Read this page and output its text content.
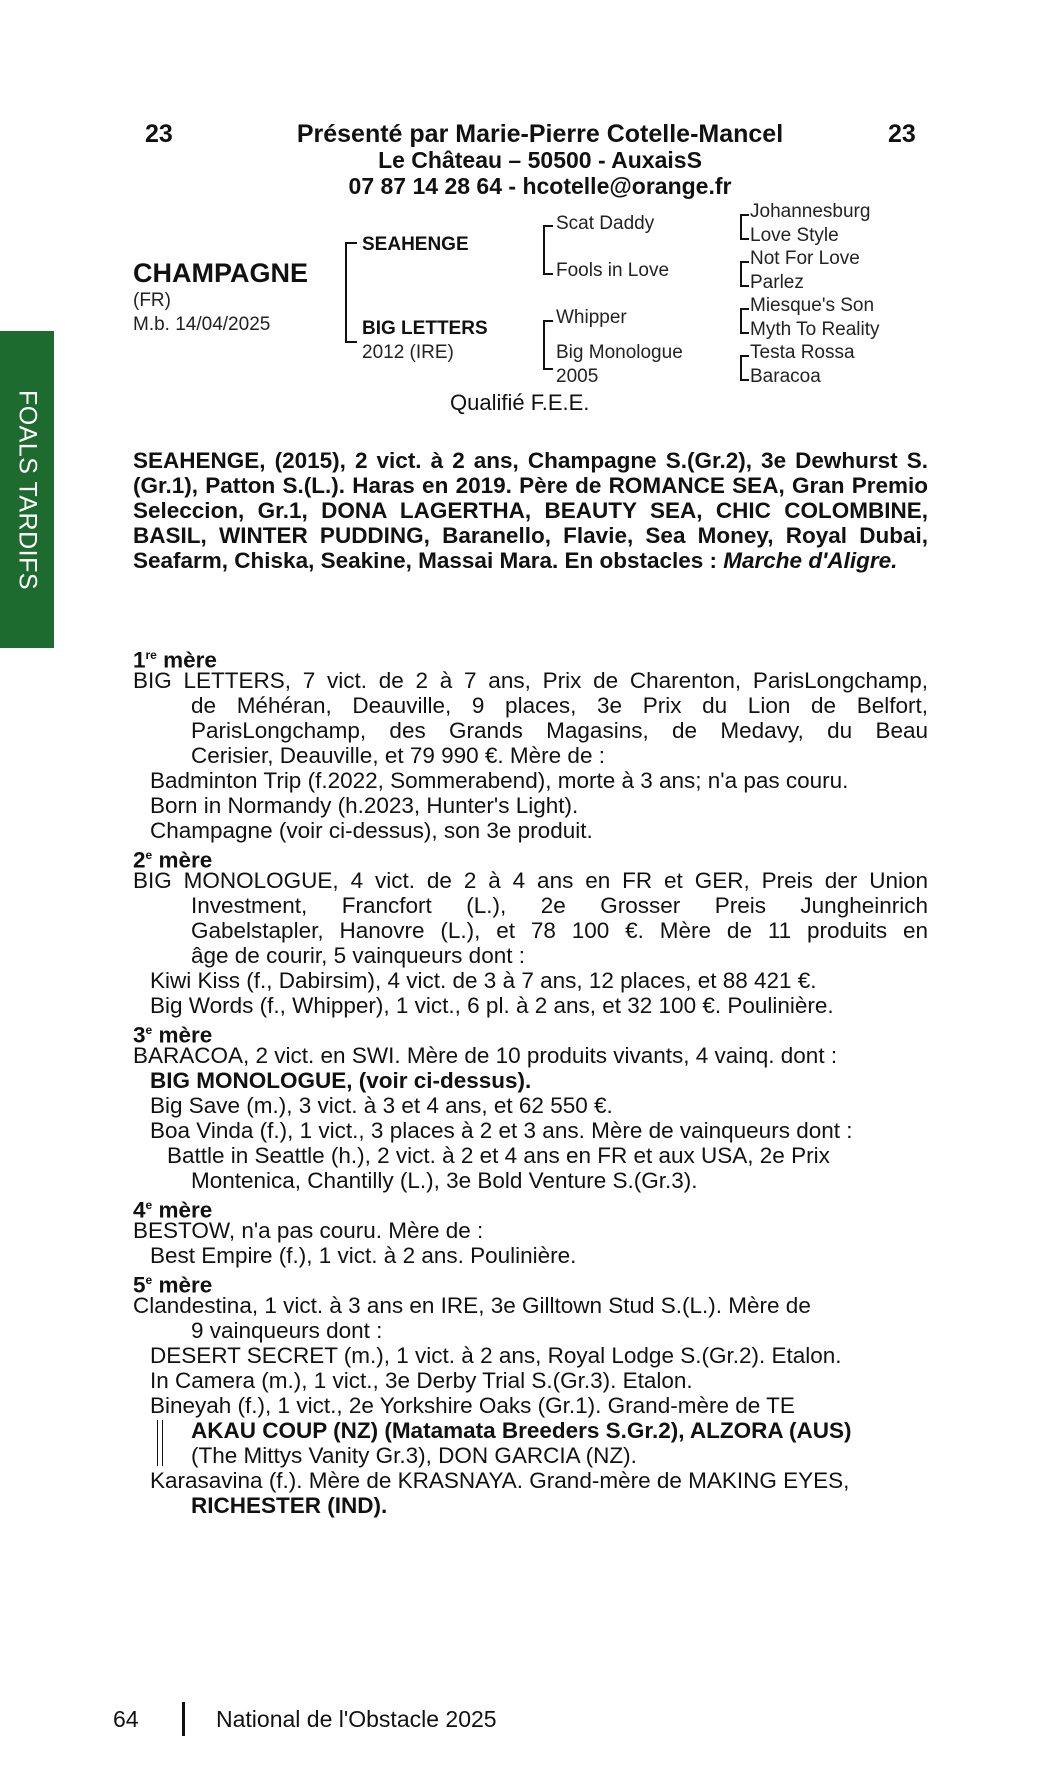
FOALS TARDIFS
23	23
Présenté par Marie-Pierre Cotelle-Mancel
Le Château – 50500 - AuxaisS
07 87 14 28 64 - hcotelle@orange.fr
CHAMPAGNE
(FR)
M.b. 14/04/2025
SEAHENGE
BIG LETTERS
2012 (IRE)
Scat Daddy
Fools in Love
Whipper
Big Monologue
2005
Johannesburg
Love Style
Not For Love
Parlez
Miesque's Son
Myth To Reality
Testa Rossa
Baracoa
Qualifié F.E.E.
SEAHENGE, (2015), 2 vict. à 2 ans, Champagne S.(Gr.2), 3e Dewhurst S.(Gr.1), Patton S.(L.). Haras en 2019. Père de ROMANCE SEA, Gran Premio Seleccion, Gr.1, DONA LAGERTHA, BEAUTY SEA, CHIC COLOMBINE, BASIL, WINTER PUDDING, Baranello, Flavie, Sea Money, Royal Dubai, Seafarm, Chiska, Seakine, Massai Mara. En obstacles : Marche d'Aligre.
1re mère
BIG LETTERS, 7 vict. de 2 à 7 ans, Prix de Charenton, ParisLongchamp,
de Méhéran, Deauville, 9 places, 3e Prix du Lion de Belfort,
ParisLongchamp, des Grands Magasins, de Medavy, du Beau
Cerisier, Deauville, et 79 990 €. Mère de :
Badminton Trip (f.2022, Sommerabend), morte à 3 ans; n'a pas couru.
Born in Normandy (h.2023, Hunter's Light).
Champagne (voir ci-dessus), son 3e produit.
2e mère
BIG MONOLOGUE, 4 vict. de 2 à 4 ans en FR et GER, Preis der Union
Investment, Francfort (L.), 2e Grosser Preis Jungheinrich
Gabelstapler, Hanovre (L.), et 78 100 €. Mère de 11 produits en
âge de courir, 5 vainqueurs dont :
Kiwi Kiss (f., Dabirsim), 4 vict. de 3 à 7 ans, 12 places, et 88 421 €.
Big Words (f., Whipper), 1 vict., 6 pl. à 2 ans, et 32 100 €. Poulinière.
3e mère
BARACOA, 2 vict. en SWI. Mère de 10 produits vivants, 4 vainq. dont :
BIG MONOLOGUE, (voir ci-dessus).
Big Save (m.), 3 vict. à 3 et 4 ans, et 62 550 €.
Boa Vinda (f.), 1 vict., 3 places à 2 et 3 ans. Mère de vainqueurs dont :
Battle in Seattle (h.), 2 vict. à 2 et 4 ans en FR et aux USA, 2e Prix
Montenica, Chantilly (L.), 3e Bold Venture S.(Gr.3).
4e mère
BESTOW, n'a pas couru. Mère de :
Best Empire (f.), 1 vict. à 2 ans. Poulinière.
5e mère
Clandestina, 1 vict. à 3 ans en IRE, 3e Gilltown Stud S.(L.). Mère de
9 vainqueurs dont :
DESERT SECRET (m.), 1 vict. à 2 ans, Royal Lodge S.(Gr.2). Etalon.
In Camera (m.), 1 vict., 3e Derby Trial S.(Gr.3). Etalon.
Bineyah (f.), 1 vict., 2e Yorkshire Oaks (Gr.1). Grand-mère de TE
AKAU COUP (NZ) (Matamata Breeders S.Gr.2), ALZORA (AUS)
(The Mittys Vanity Gr.3), DON GARCIA (NZ).
Karasavina (f.). Mère de KRASNAYA. Grand-mère de MAKING EYES,
RICHESTER (IND).
64	National de l'Obstacle 2025
